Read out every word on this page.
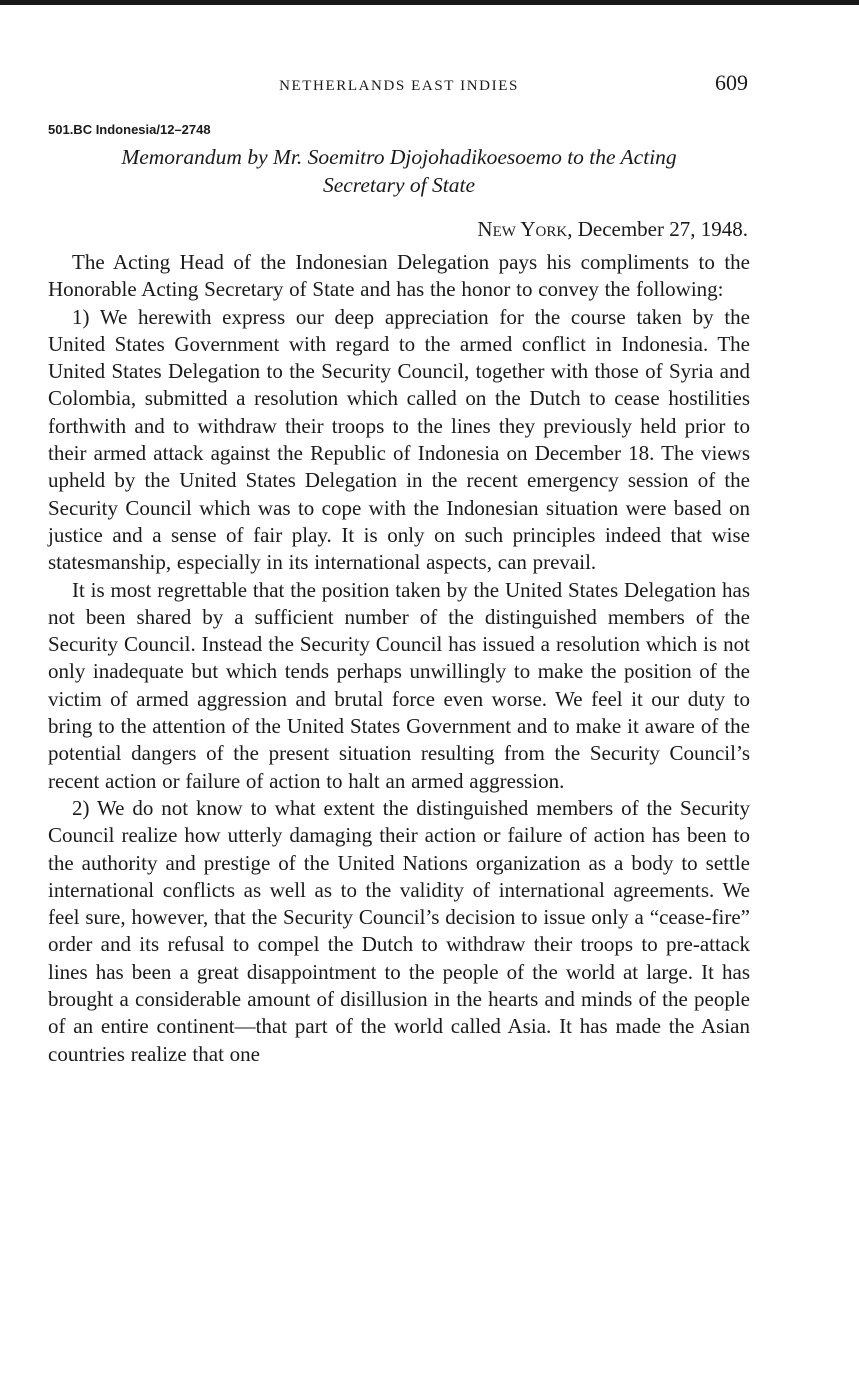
NETHERLANDS EAST INDIES	609
501.BC Indonesia/12–2748
Memorandum by Mr. Soemitro Djojohadikoesoemo to the Acting
Secretary of State
New York, December 27, 1948.

The Acting Head of the Indonesian Delegation pays his compliments to the Honorable Acting Secretary of State and has the honor to convey the following:

1) We herewith express our deep appreciation for the course taken by the United States Government with regard to the armed conflict in Indonesia. The United States Delegation to the Security Council, together with those of Syria and Colombia, submitted a resolution which called on the Dutch to cease hostilities forthwith and to withdraw their troops to the lines they previously held prior to their armed attack against the Republic of Indonesia on December 18. The views upheld by the United States Delegation in the recent emergency session of the Security Council which was to cope with the Indonesian situation were based on justice and a sense of fair play. It is only on such principles indeed that wise statesmanship, especially in its international aspects, can prevail.

It is most regrettable that the position taken by the United States Delegation has not been shared by a sufficient number of the distinguished members of the Security Council. Instead the Security Council has issued a resolution which is not only inadequate but which tends perhaps unwillingly to make the position of the victim of armed aggression and brutal force even worse. We feel it our duty to bring to the attention of the United States Government and to make it aware of the potential dangers of the present situation resulting from the Security Council’s recent action or failure of action to halt an armed aggression.

2) We do not know to what extent the distinguished members of the Security Council realize how utterly damaging their action or failure of action has been to the authority and prestige of the United Nations organization as a body to settle international conflicts as well as to the validity of international agreements. We feel sure, however, that the Security Council’s decision to issue only a “cease-fire” order and its refusal to compel the Dutch to withdraw their troops to pre-attack lines has been a great disappointment to the people of the world at large. It has brought a considerable amount of disillusion in the hearts and minds of the people of an entire continent—that part of the world called Asia. It has made the Asian countries realize that one
